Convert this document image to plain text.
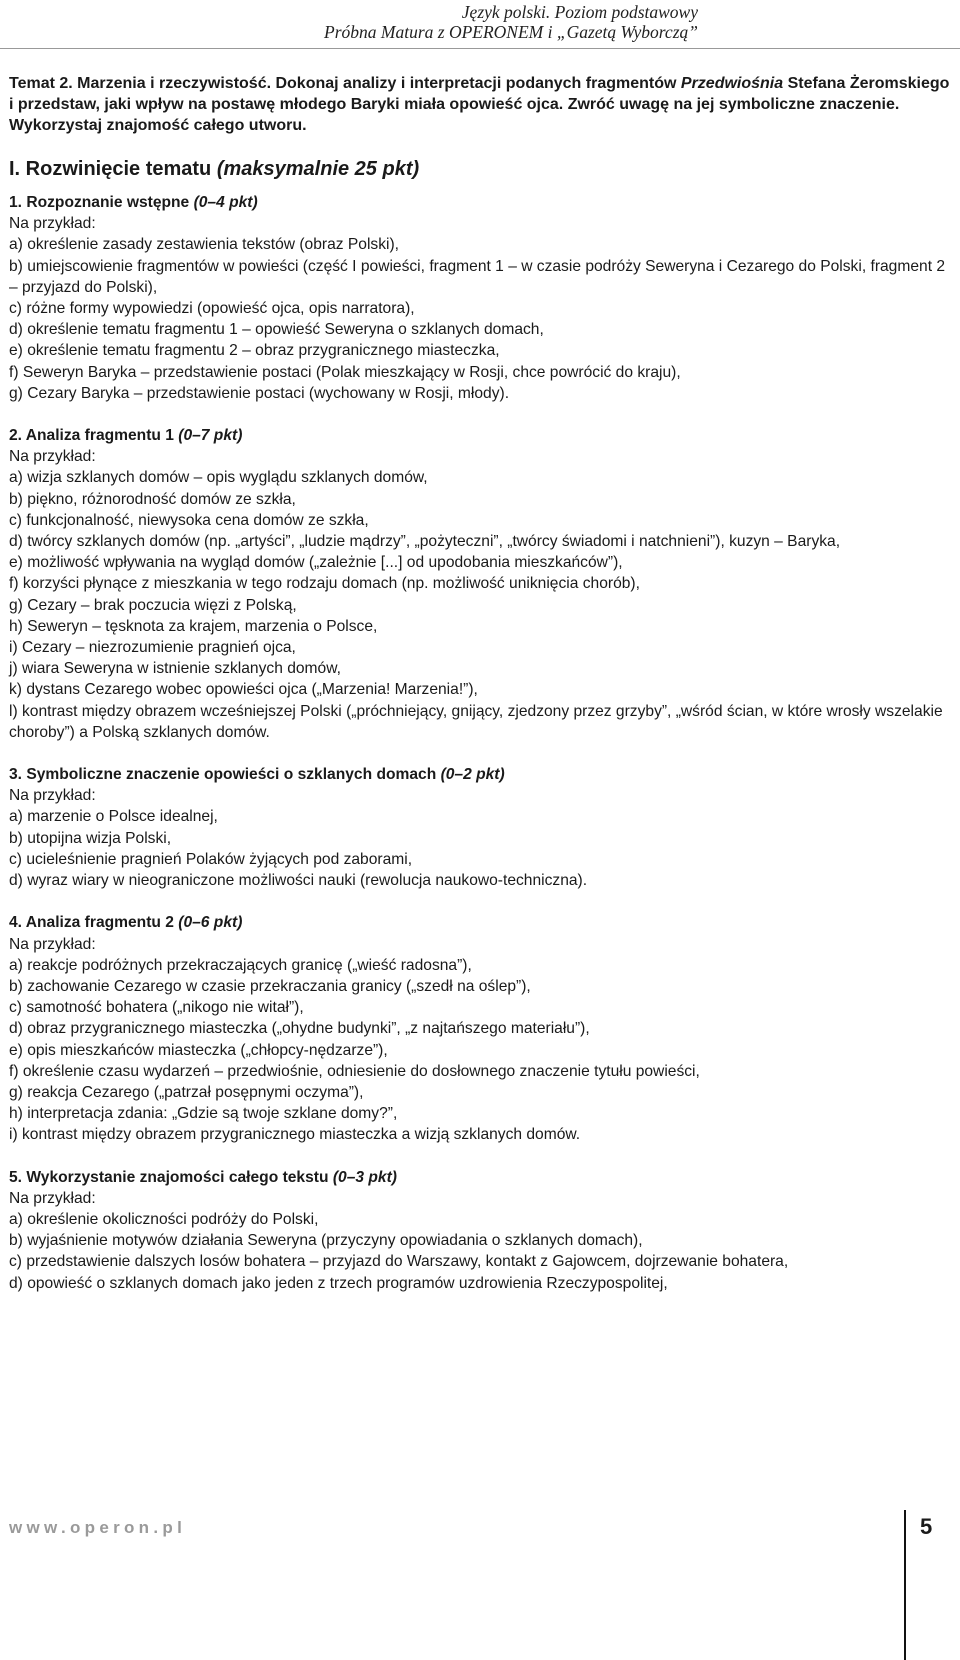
Język polski. Poziom podstawowy
Próbna Matura z OPERONEM i „Gazetą Wyborczą”
Temat 2. Marzenia i rzeczywistość. Dokonaj analizy i interpretacji podanych fragmentów Przedwiośnia Stefana Żeromskiego i przedstaw, jaki wpływ na postawę młodego Baryki miała opowieść ojca. Zwróć uwagę na jej symboliczne znaczenie. Wykorzystaj znajomość całego utworu.
I. Rozwinięcie tematu (maksymalnie 25 pkt)
1. Rozpoznanie wstępne (0–4 pkt)
Na przykład:
a) określenie zasady zestawienia tekstów (obraz Polski),
b) umiejscowienie fragmentów w powieści (część I powieści, fragment 1 – w czasie podróży Seweryna i Cezarego do Polski, fragment 2 – przyjazd do Polski),
c) różne formy wypowiedzi (opowieść ojca, opis narratora),
d) określenie tematu fragmentu 1 – opowieść Seweryna o szklanych domach,
e) określenie tematu fragmentu 2 – obraz przygranicznego miasteczka,
f) Seweryn Baryka – przedstawienie postaci (Polak mieszkający w Rosji, chce powrócić do kraju),
g) Cezary Baryka – przedstawienie postaci (wychowany w Rosji, młody).
2. Analiza fragmentu 1 (0–7 pkt)
Na przykład:
a) wizja szklanych domów – opis wyglądu szklanych domów,
b) piękno, różnorodność domów ze szkła,
c) funkcjonalność, niewysoka cena domów ze szkła,
d) twórcy szklanych domów (np. „artyści”, „ludzie mądrzy”, „pożyteczni”, „twórcy świadomi i natchnieni”), kuzyn – Baryka,
e) możliwość wpływania na wygląd domów („zależnie [...] od upodobania mieszkańców”),
f) korzyści płynące z mieszkania w tego rodzaju domach (np. możliwość uniknięcia chorób),
g) Cezary – brak poczucia więzi z Polską,
h) Seweryn – tęsknota za krajem, marzenia o Polsce,
i) Cezary – niezrozumienie pragnień ojca,
j) wiara Seweryna w istnienie szklanych domów,
k) dystans Cezarego wobec opowieści ojca („Marzenia! Marzenia!”),
l) kontrast między obrazem wcześniejszej Polski („próchniejący, gnijący, zjedzony przez grzyby”, „wśród ścian, w które wrosły wszelakie choroby”) a Polską szklanych domów.
3. Symboliczne znaczenie opowieści o szklanych domach (0–2 pkt)
Na przykład:
a) marzenie o Polsce idealnej,
b) utopijna wizja Polski,
c) ucieleśnienie pragnień Polaków żyjących pod zaborami,
d) wyraz wiary w nieograniczone możliwości nauki (rewolucja naukowo-techniczna).
4. Analiza fragmentu 2 (0–6 pkt)
Na przykład:
a) reakcje podróżnych przekraczających granicę („wieść radosna”),
b) zachowanie Cezarego w czasie przekraczania granicy („szedł na oślep”),
c) samotność bohatera („nikogo nie witał”),
d) obraz przygranicznego miasteczka („ohydne budynki”, „z najtańszego materiału”),
e) opis mieszkańców miasteczka („chłopcy-nędzarze”),
f) określenie czasu wydarzeń – przedwiośnie, odniesienie do dosłownego znaczenie tytułu powieści,
g) reakcja Cezarego („patrzał posępnymi oczyma”),
h) interpretacja zdania: „Gdzie są twoje szklane domy?”,
i) kontrast między obrazem przygranicznego miasteczka a wizją szklanych domów.
5. Wykorzystanie znajomości całego tekstu (0–3 pkt)
Na przykład:
a) określenie okoliczności podróży do Polski,
b) wyjaśnienie motywów działania Seweryna (przyczyny opowiadania o szklanych domach),
c) przedstawienie dalszych losów bohatera – przyjazd do Warszawy, kontakt z Gajowcem, dojrzewanie bohatera,
d) opowieść o szklanych domach jako jeden z trzech programów uzdrowienia Rzeczypospolitej,
www.operon.pl	5
